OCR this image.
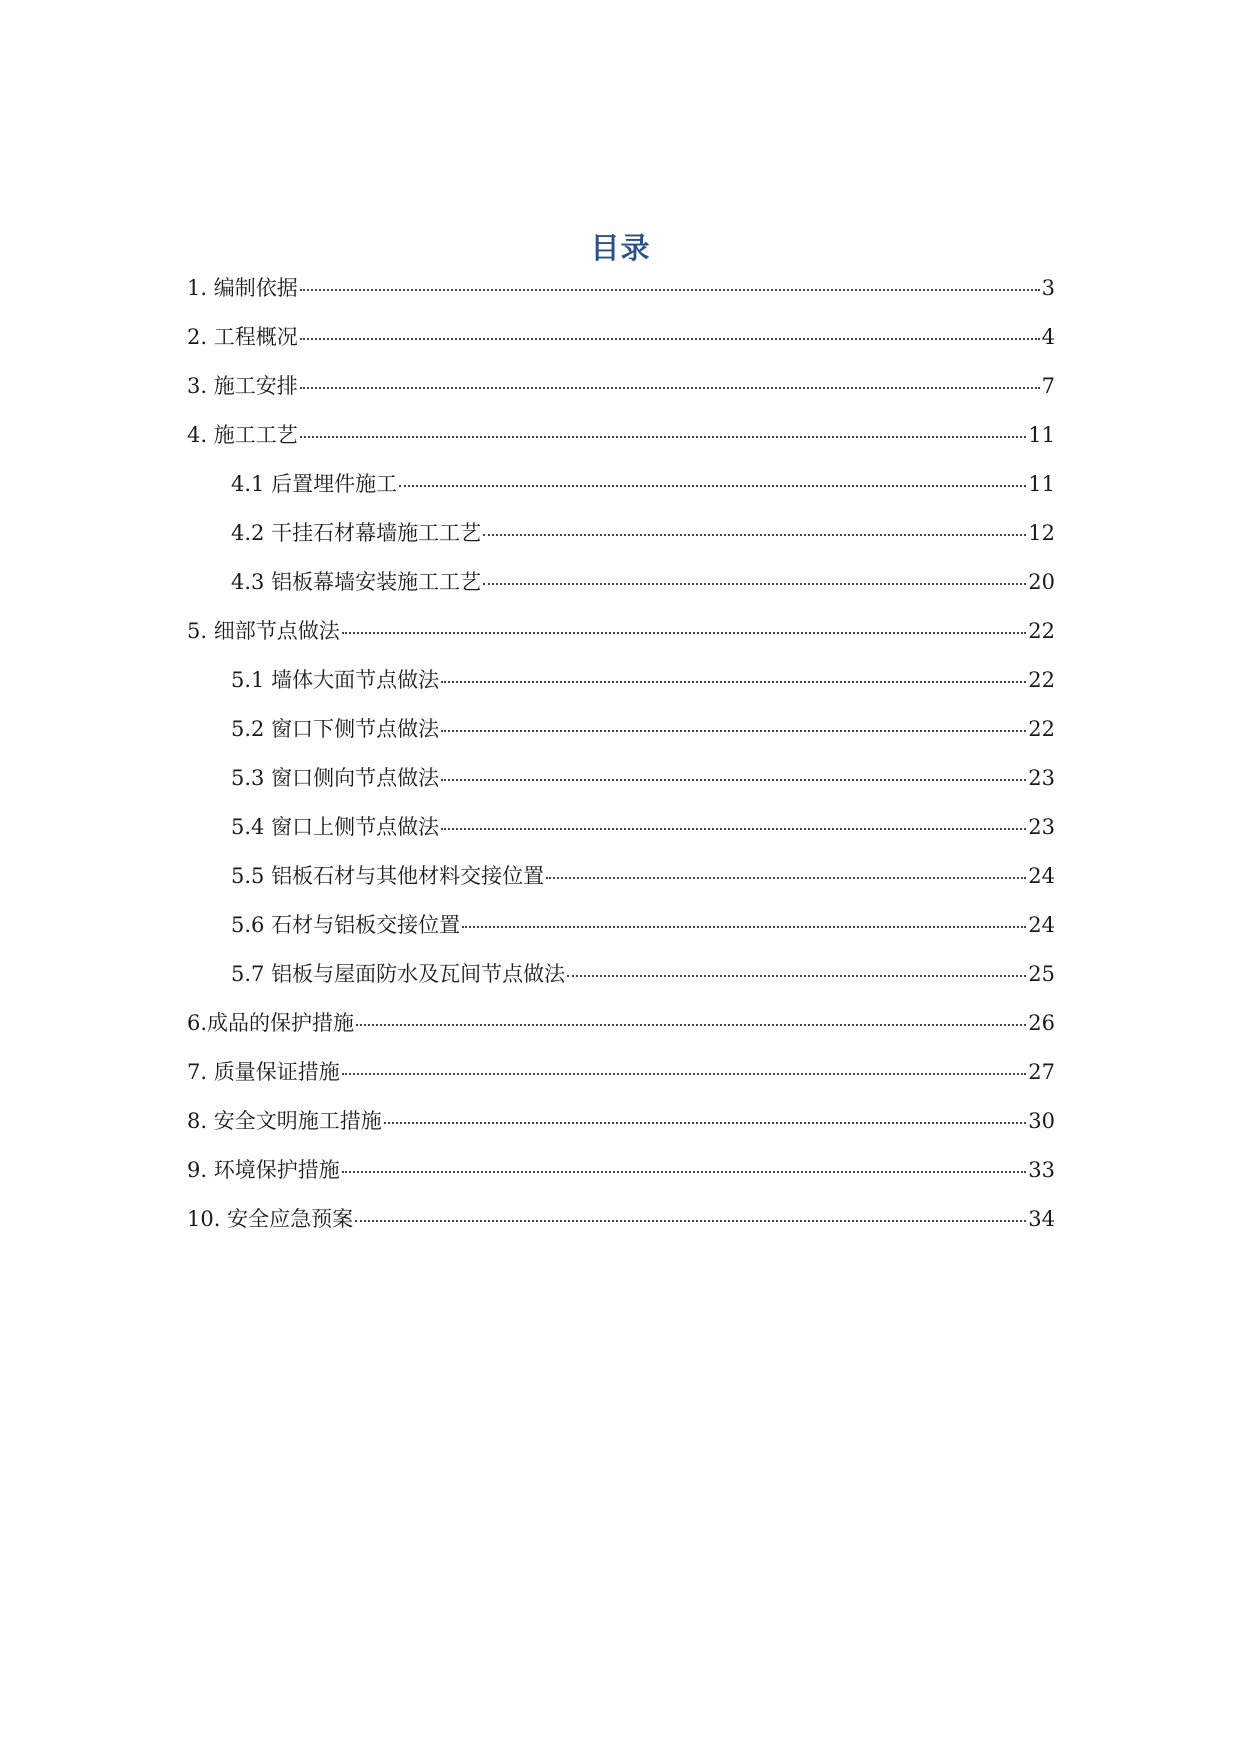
目录
1. 编制依据	3
2. 工程概况	4
3. 施工安排	7
4. 施工工艺	11
4.1 后置埋件施工	11
4.2 干挂石材幕墙施工工艺	12
4.3 铝板幕墙安装施工工艺	20
5. 细部节点做法	22
5.1 墙体大面节点做法	22
5.2 窗口下侧节点做法	22
5.3 窗口侧向节点做法	23
5.4 窗口上侧节点做法	23
5.5 铝板石材与其他材料交接位置	24
5.6 石材与铝板交接位置	24
5.7 铝板与屋面防水及瓦间节点做法	25
6.成品的保护措施	26
7. 质量保证措施	27
8. 安全文明施工措施	30
9. 环境保护措施	33
10. 安全应急预案	34
